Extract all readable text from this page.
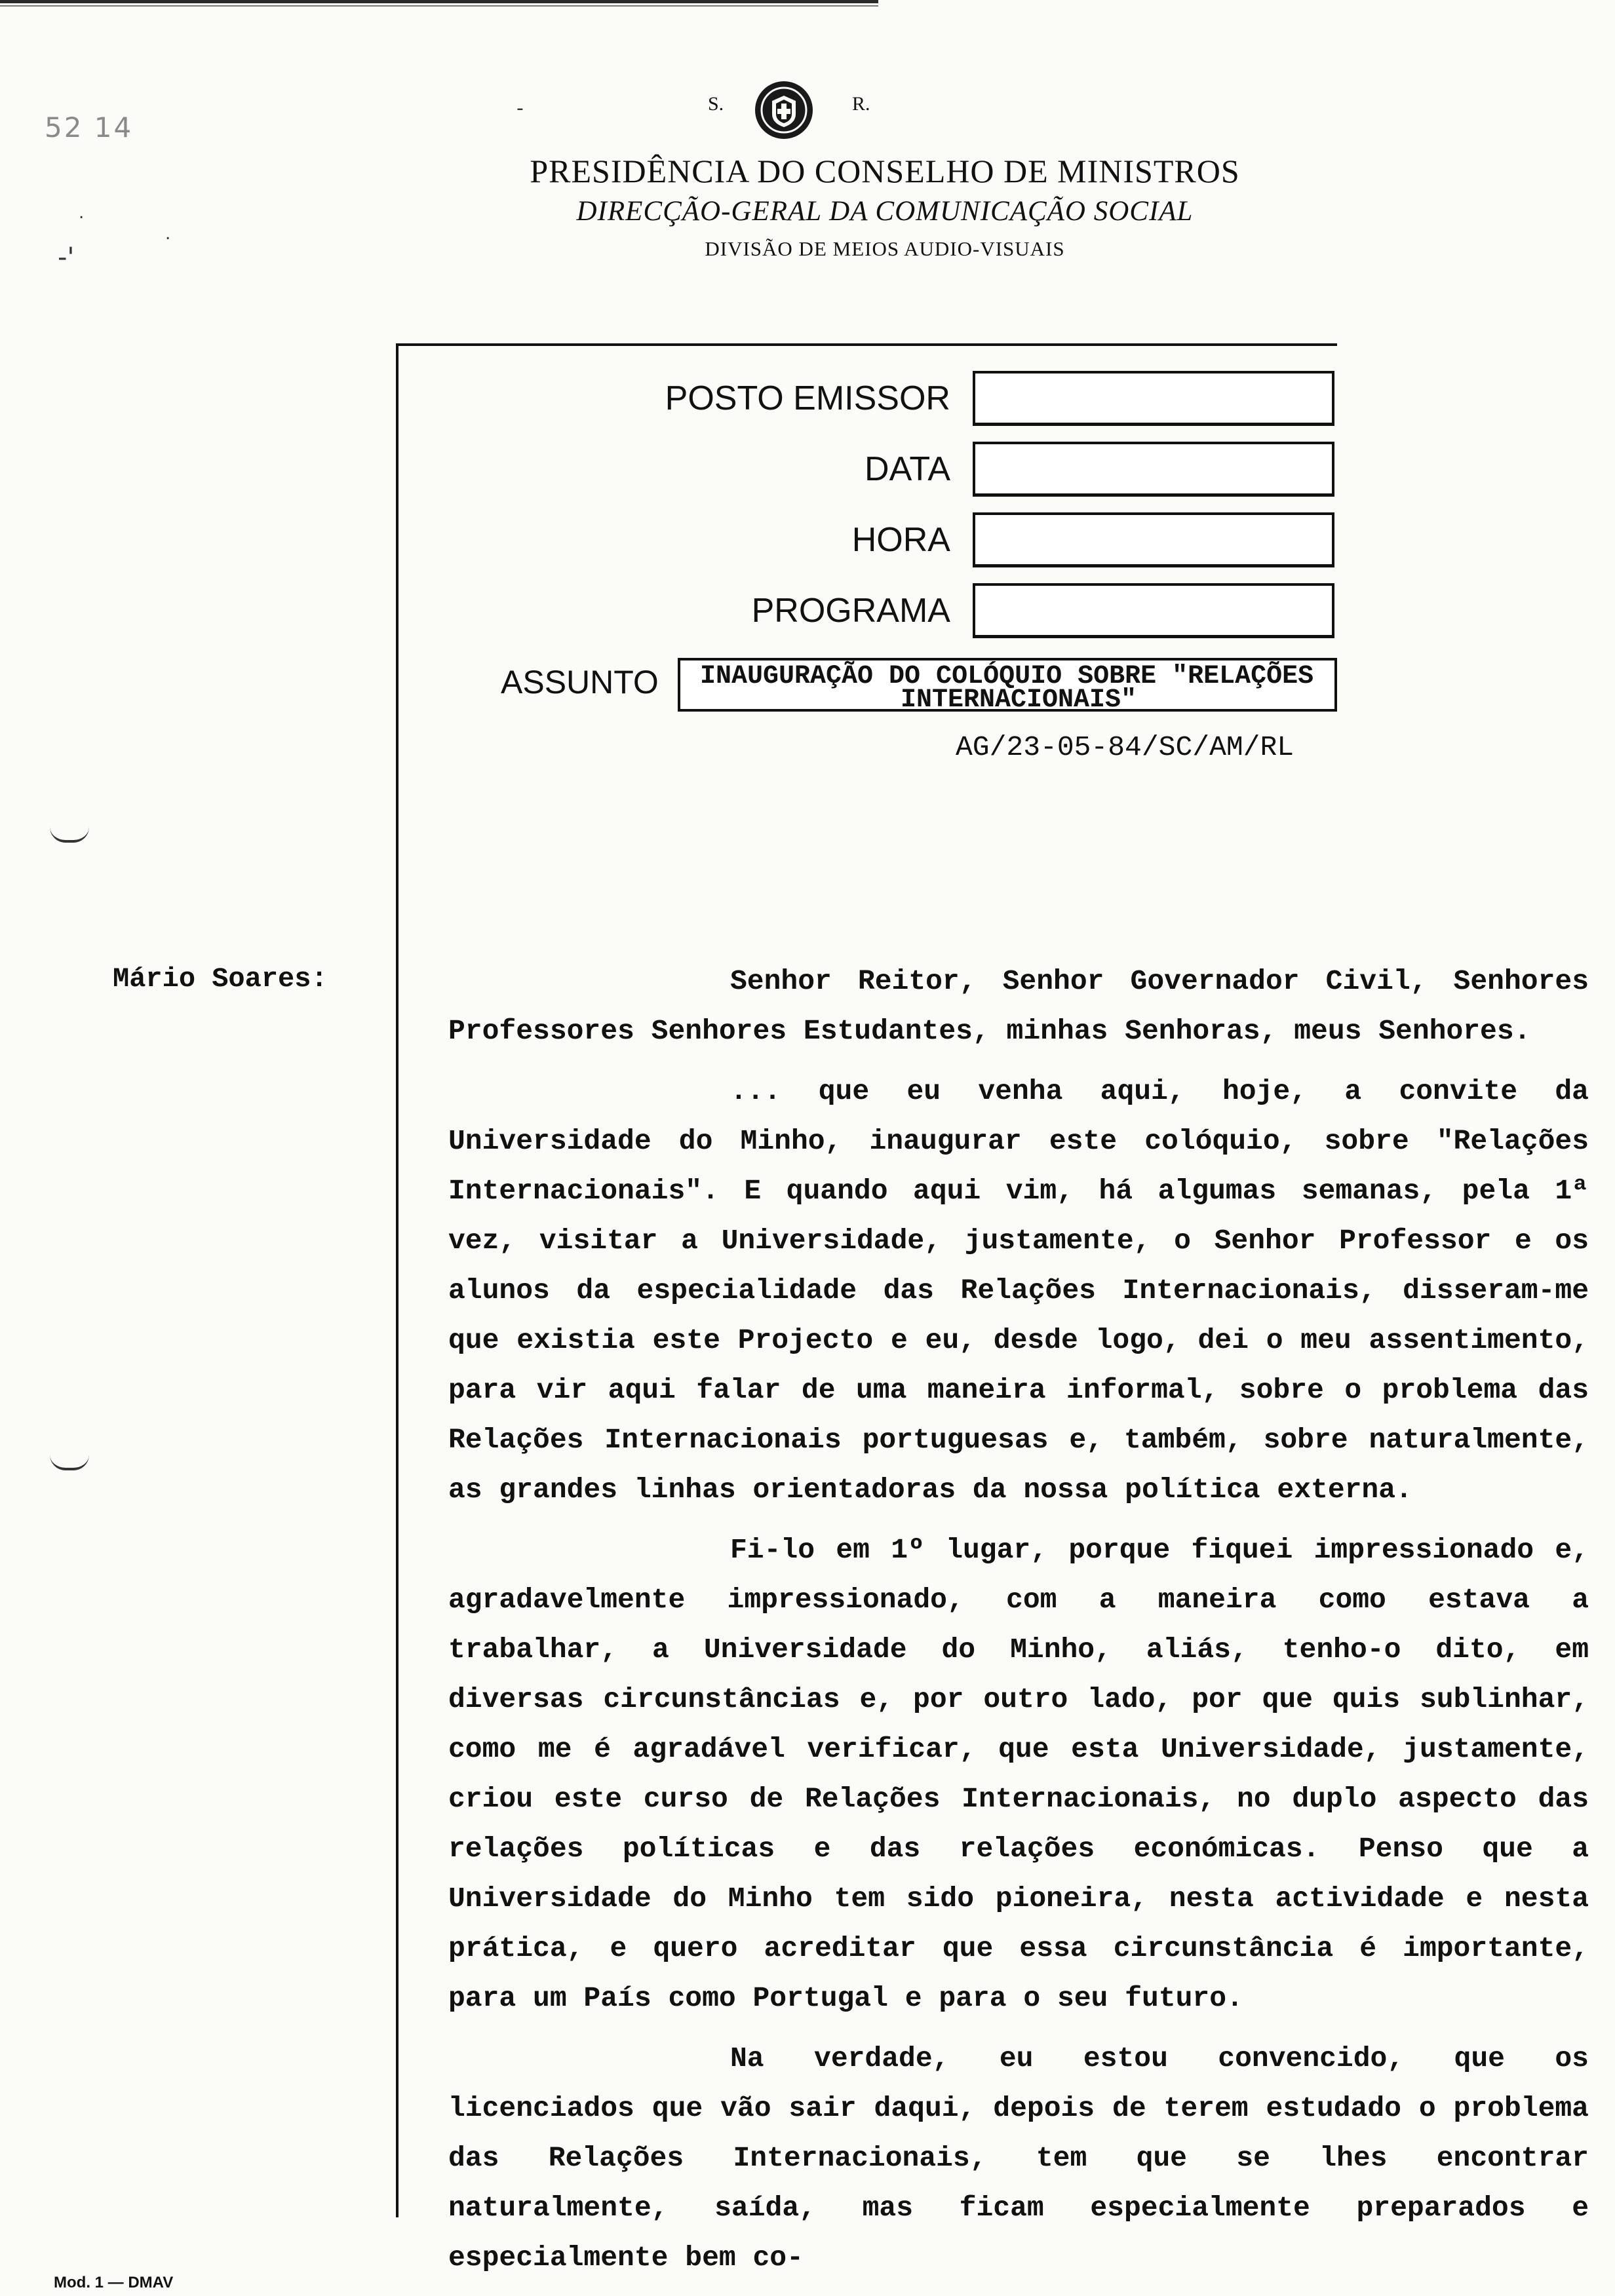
52 14
-
.
.
-'
S.	R.
PRESIDÊNCIA DO CONSELHO DE MINISTROS
DIRECÇÃO-GERAL DA COMUNICAÇÃO SOCIAL
DIVISÃO DE MEIOS AUDIO-VISUAIS
POSTO EMISSOR
DATA
HORA
PROGRAMA
ASSUNTO INAUGURAÇÃO DO COLÓQUIO SOBRE "RELAÇÕES
INTERNACIONAIS"
AG/23-05-84/SC/AM/RL
Mário Soares:	Senhor Reitor, Senhor Governador Civil, Senhores Professores Senhores Estudantes, minhas Senhoras, meus Senhores.

... que eu venha aqui, hoje, a convite da Universidade do Minho, inaugurar este colóquio, sobre "Relações Internacionais". E quando aqui vim, há algumas semanas, pela 1ª vez, visitar a Universidade, justamente, o Senhor Professor e os alunos da especialidade das Relações Internacionais, disseram-me que existia este Projecto e eu, desde logo, dei o meu assentimento, para vir aqui falar de uma maneira informal, sobre o problema das Relações Internacionais portuguesas e, também, sobre naturalmente, as grandes linhas orientadoras da nossa política externa.

Fi-lo em 1º lugar, porque fiquei impressionado e, agradavelmente impressionado, com a maneira como estava a trabalhar, a Universidade do Minho, aliás, tenho-o dito, em diversas circunstâncias e, por outro lado, por que quis sublinhar, como me é agradável verificar, que esta Universidade, justamente, criou este curso de Relações Internacionais, no duplo aspecto das relações políticas e das relações económicas. Penso que a Universidade do Minho tem sido pioneira, nesta actividade e nesta prática, e quero acreditar que essa circunstância é importante, para um País como Portugal e para o seu futuro.

Na verdade, eu estou convencido, que os licenciados que vão sair daqui, depois de terem estudado o problema das Relações Internacionais, tem que se lhes encontrar naturalmente, saída, mas ficam especialmente preparados e especialmente bem co-

Mod. 1 — DMAV
